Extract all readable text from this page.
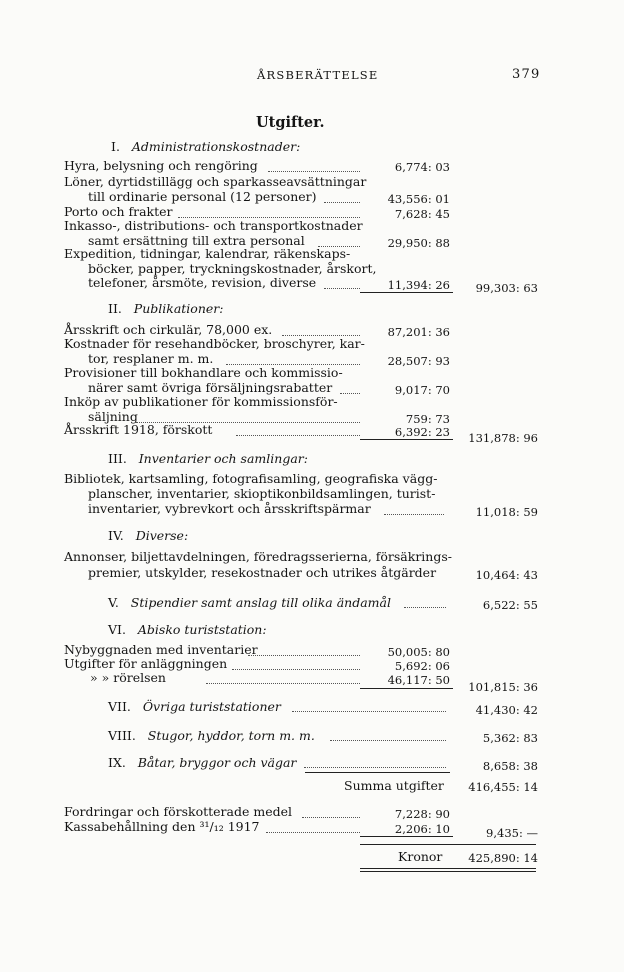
ÅRSBERÄTTELSE	379
Utgifter.
I. Administrationskostnader:
Hyra, belysning och rengöring	6,774: 03
Löner, dyrtidstillägg och sparkasseavsättningar
till ordinarie personal (12 personer)	43,556: 01
Porto och frakter	7,628: 45
Inkasso-, distributions- och transportkostnader
samt ersättning till extra personal	29,950: 88
Expedition, tidningar, kalendrar, räkenskaps-
böcker, papper, tryckningskostnader, årskort,
telefoner, årsmöte, revision, diverse	11,394: 26	99,303: 63
II. Publikationer:
Årsskrift och cirkulär, 78,000 ex.	87,201: 36
Kostnader för resehandböcker, broschyrer, kar-
tor, resplaner m. m.	28,507: 93
Provisioner till bokhandlare och kommissio-
närer samt övriga försäljningsrabatter	9,017: 70
Inköp av publikationer för kommissionsför-
säljning	759: 73
Årsskrift 1918, förskott	6,392: 23	131,878: 96
III. Inventarier och samlingar:
Bibliotek, kartsamling, fotografisamling, geografiska vägg-
planscher, inventarier, skioptikonbildsamlingen, turist-
inventarier, vybrevkort och årsskriftspärmar	11,018: 59
IV. Diverse:
Annonser, biljettavdelningen, föredragsserierna, försäkrings-
premier, utskylder, resekostnader och utrikes åtgärder	10,464: 43
V. Stipendier samt anslag till olika ändamål	6,522: 55
VI. Abisko turiststation:
Nybyggnaden med inventarier	50,005: 80
Utgifter för anläggningen	5,692: 06
» » rörelsen	46,117: 50	101,815: 36
VII. Övriga turiststationer	41,430: 42
VIII. Stugor, hyddor, torn m. m.	5,362: 83
IX. Båtar, bryggor och vägar	8,658: 38
Summa utgifter	416,455: 14
Fordringar och förskotterade medel	7,228: 90
Kassabehållning den ³¹/₁₂ 1917	2,206: 10	9,435: —
Kronor	425,890: 14
